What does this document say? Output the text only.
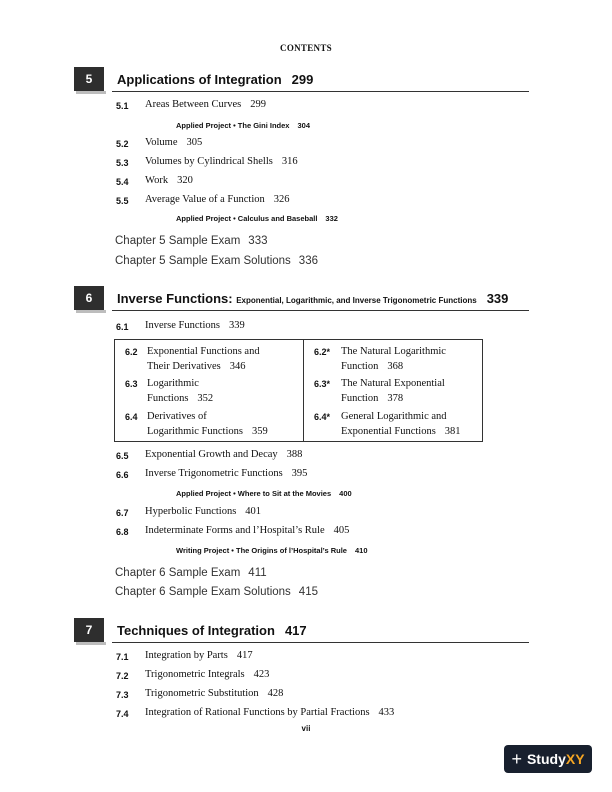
CONTENTS
5	Applications of Integration 299
5.1 Areas Between Curves 299
Applied Project • The Gini Index 304
5.2 Volume 305
5.3 Volumes by Cylindrical Shells 316
5.4 Work 320
5.5 Average Value of a Function 326
Applied Project • Calculus and Baseball 332
Chapter 5 Sample Exam 333
Chapter 5 Sample Exam Solutions 336
6	Inverse Functions: Exponential, Logarithmic, and Inverse Trigonometric Functions 339
6.1 Inverse Functions 339
6.2 Exponential Functions and
Their Derivatives 346
6.3 Logarithmic
Functions 352
6.4 Derivatives of
Logarithmic Functions 359
6.2* The Natural Logarithmic
Function 368
6.3* The Natural Exponential
Function 378
6.4* General Logarithmic and
Exponential Functions 381
6.5 Exponential Growth and Decay 388
6.6 Inverse Trigonometric Functions 395
Applied Project • Where to Sit at the Movies 400
6.7 Hyperbolic Functions 401
6.8 Indeterminate Forms and l’Hospital’s Rule 405
Writing Project • The Origins of l’Hospital’s Rule 410
Chapter 6 Sample Exam 411
Chapter 6 Sample Exam Solutions 415
7	Techniques of Integration 417
7.1 Integration by Parts 417
7.2 Trigonometric Integrals 423
7.3 Trigonometric Substitution 428
7.4 Integration of Rational Functions by Partial Fractions 433
vii
+ Study XY
